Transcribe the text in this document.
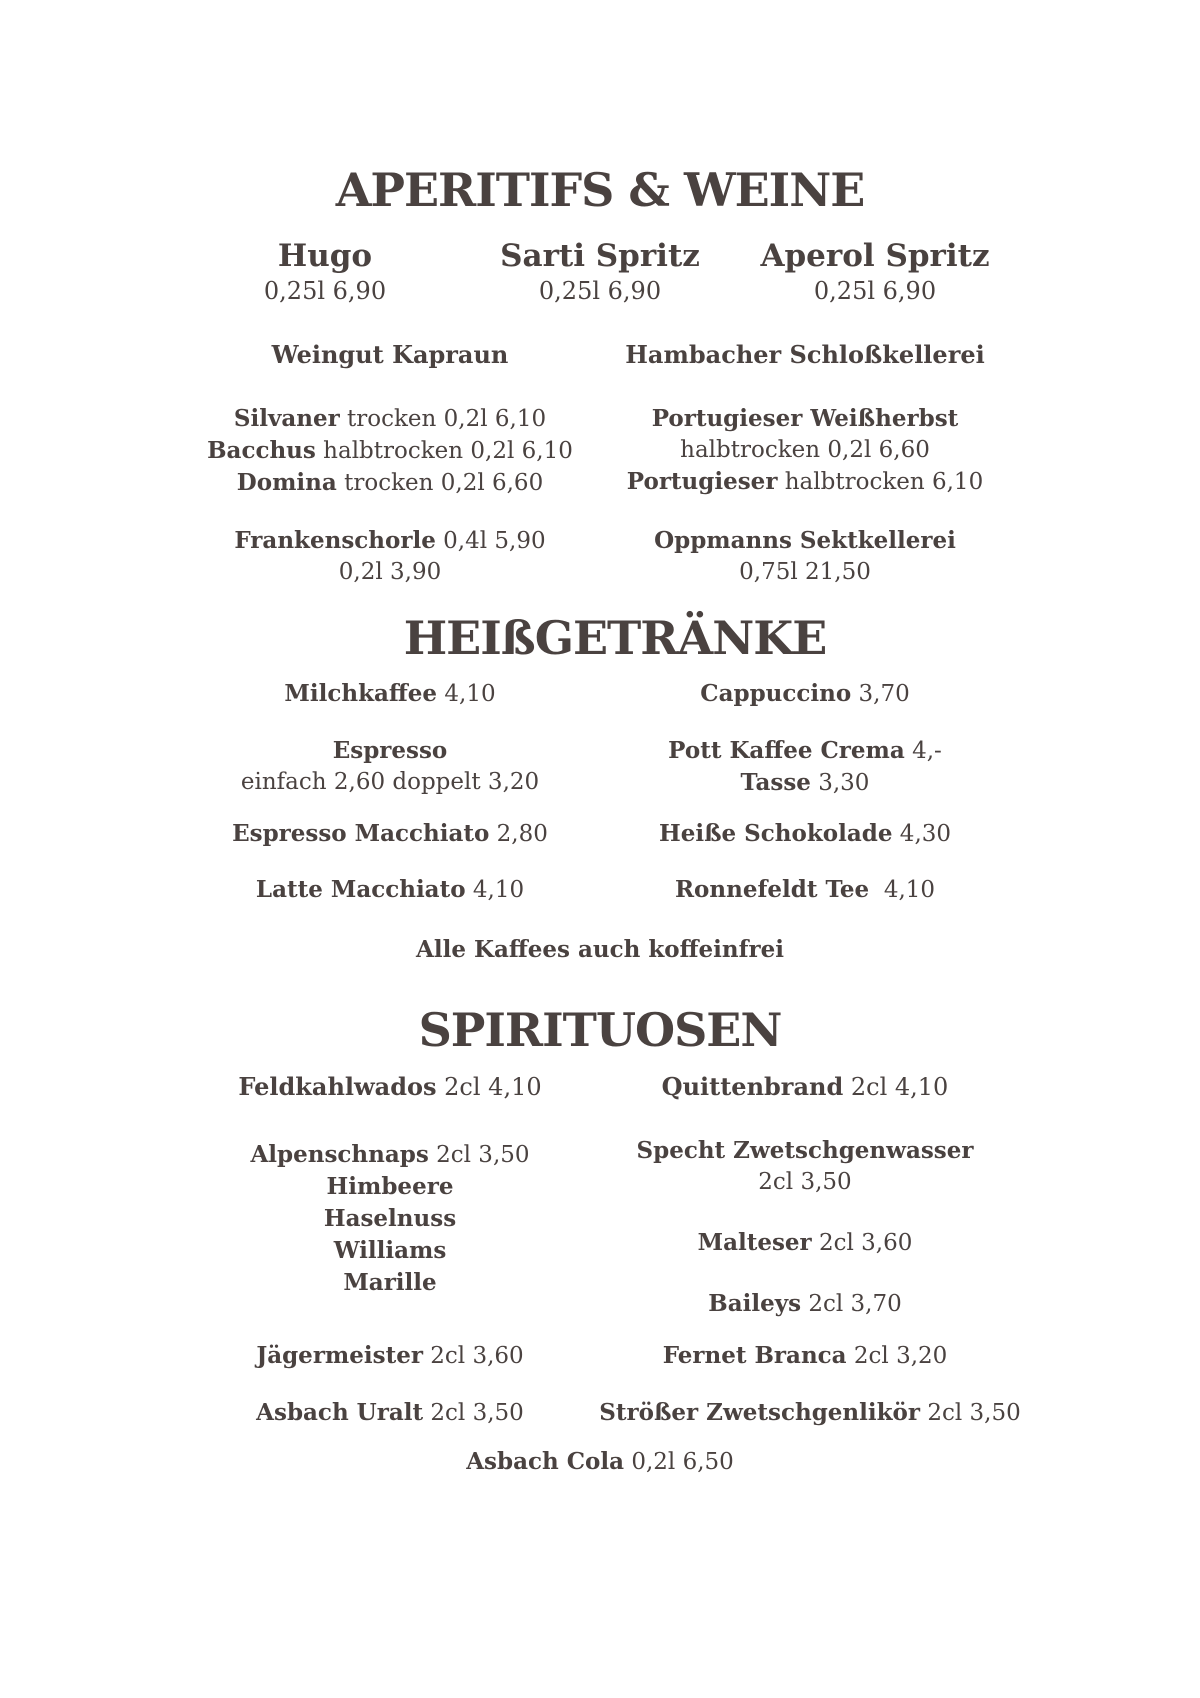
APERITIFS & WEINE
Hugo
0,25l 6,90
Sarti Spritz
0,25l 6,90
Aperol Spritz
0,25l 6,90
Weingut Kapraun	Hambacher Schloßkellerei
Silvaner trocken 0,2l 6,10
Bacchus halbtrocken 0,2l 6,10
Domina trocken 0,2l 6,60
Portugieser Weißherbst
halbtrocken 0,2l 6,60
Portugieser halbtrocken 6,10
Frankenschorle 0,4l 5,90
0,2l 3,90
Oppmanns Sektkellerei
0,75l 21,50
HEIßGETRÄNKE
Milchkaffee 4,10	Cappuccino 3,70
Espresso
einfach 2,60 doppelt 3,20
Pott Kaffee Crema 4,-
Tasse 3,30
Espresso Macchiato 2,80	Heiße Schokolade 4,30
Latte Macchiato 4,10	Ronnefeldt Tee  4,10
Alle Kaffees auch koffeinfrei
SPIRITUOSEN
Feldkahlwados 2cl 4,10	Quittenbrand 2cl 4,10
Alpenschnaps 2cl 3,50
Himbeere
Haselnuss
Williams
Marille
Specht Zwetschgenwasser
2cl 3,50
Malteser 2cl 3,60
Baileys 2cl 3,70
Jägermeister 2cl 3,60	Fernet Branca 2cl 3,20
Asbach Uralt 2cl 3,50	Strößer Zwetschgenlikör 2cl 3,50
Asbach Cola 0,2l 6,50
